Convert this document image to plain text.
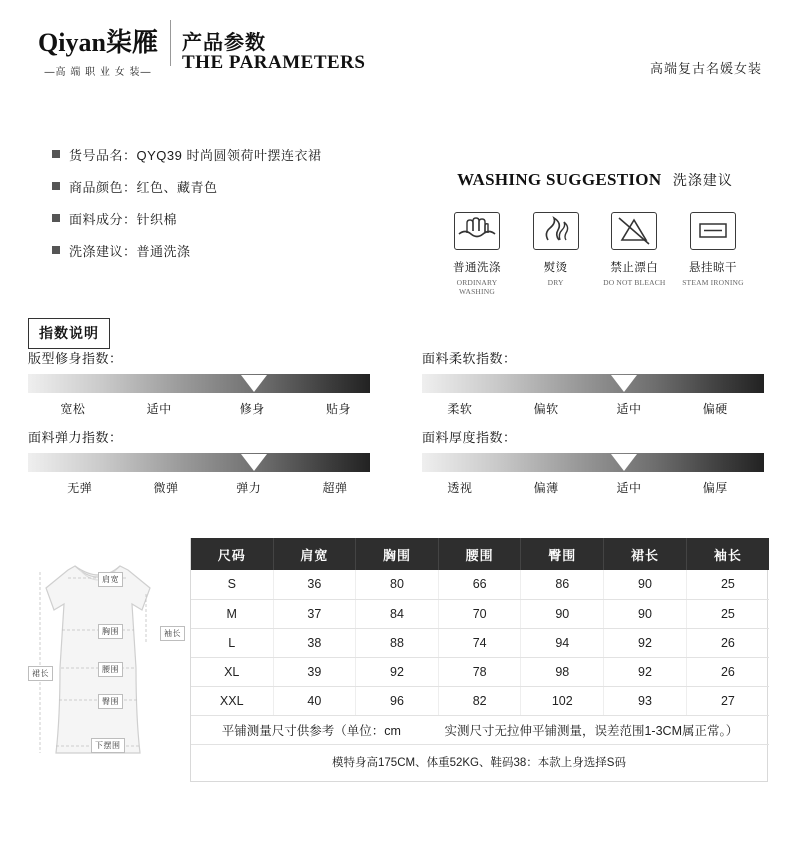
Qiyan柒雁
—高 端 职 业 女 装—
产品参数
THE PARAMETERS	高端复古名媛女装
货号品名： QYQ39 时尚圆领荷叶摆连衣裙
商品颜色： 红色、藏青色
面料成分： 针织棉
洗涤建议： 普通洗涤
WASHING SUGGESTION 洗涤建议
普通洗涤
ORDINARY WASHING
熨烫
DRY
禁止漂白
DO NOT BLEACH
悬挂晾干
STEAM IRONING
指数说明
版型修身指数：
宽松	适中	修身	贴身
面料柔软指数：
柔软	偏软	适中	偏硬
面料弹力指数：
无弹	微弹	弹力	超弹
面料厚度指数：
透视	偏薄	适中	偏厚
肩宽
袖长
胸围
腰围
裙长
臀围
下摆围
尺码	肩宽	胸围	腰围	臀围	裙长	袖长
S	36	80	66	86	90	25
M	37	84	70	90	90	25
L	38	88	74	94	92	26
XL	39	92	78	98	92	26
XXL	40	96	82	102	93	27

平铺测量尺寸供参考（单位：cm 实测尺寸无拉伸平铺测量，误差范围1-3CM属正常。）						
模特身高175CM、体重52KG、鞋码38：本款上身选择S码
